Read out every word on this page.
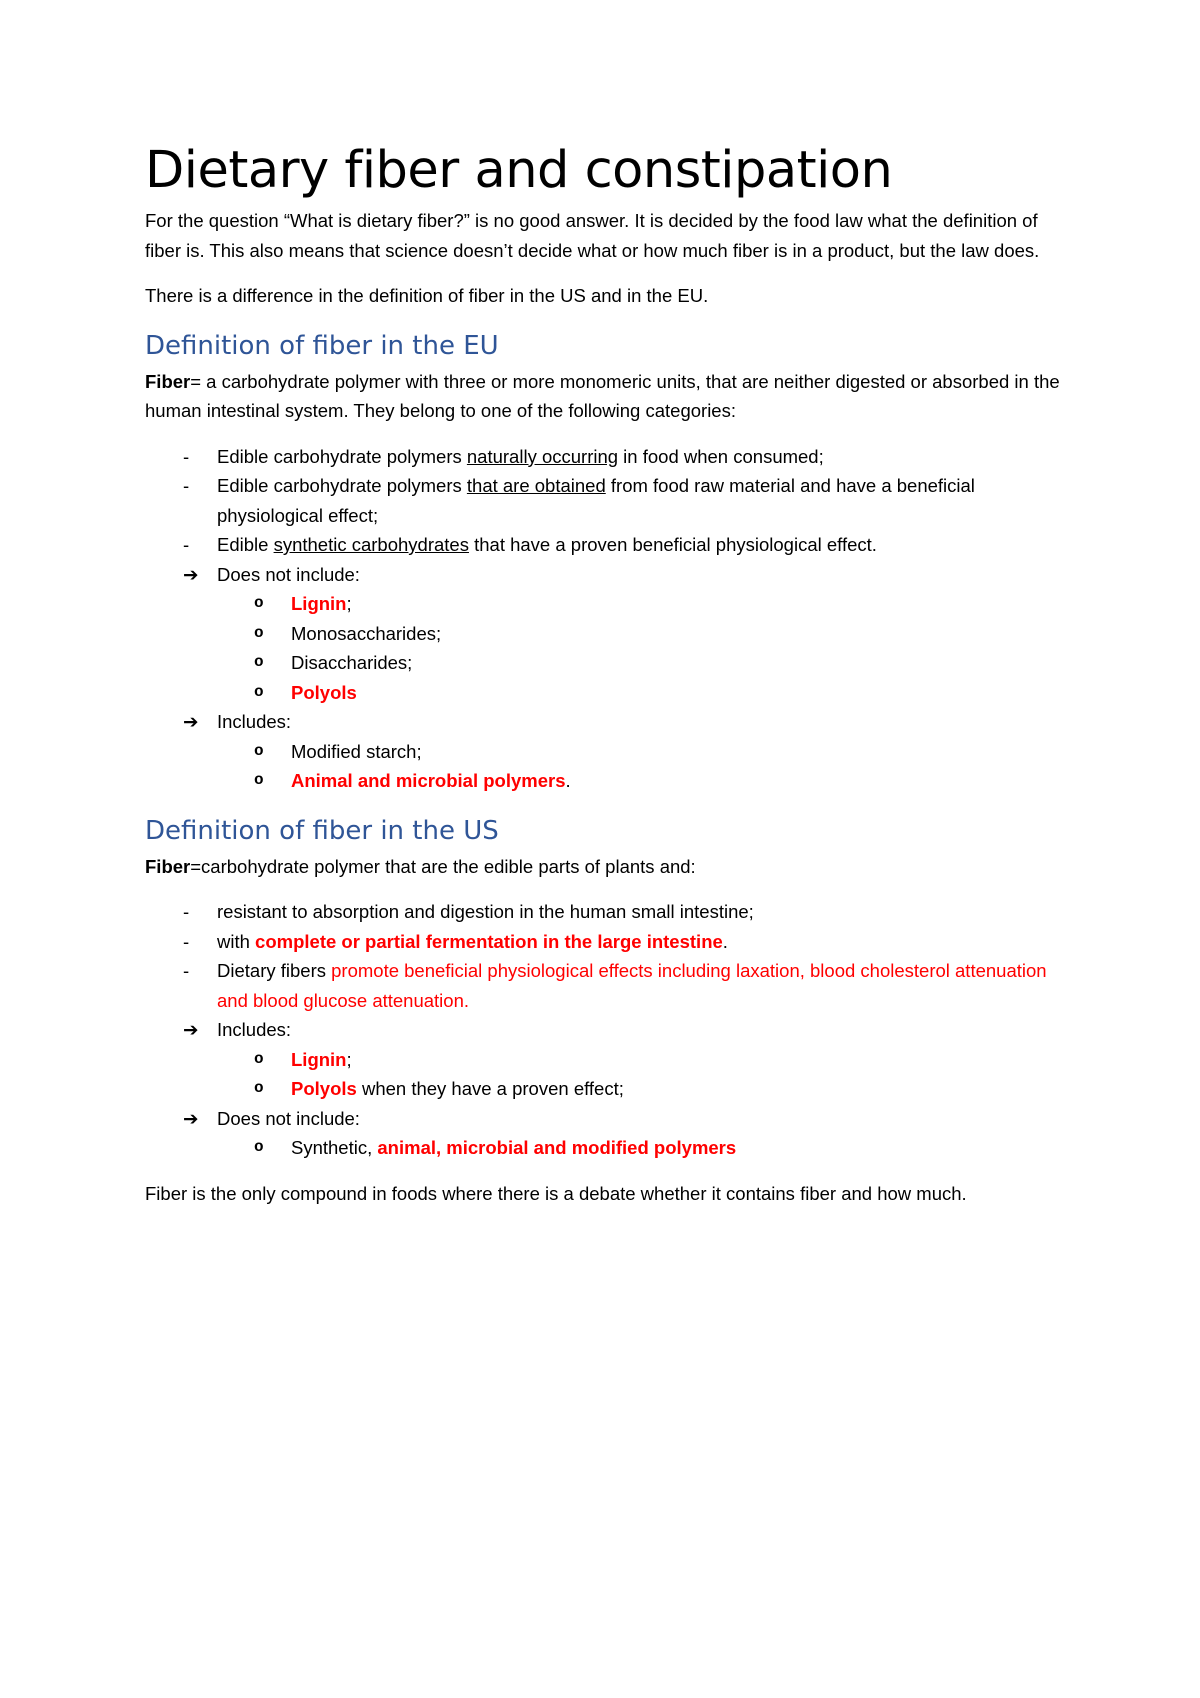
Dietary fiber and constipation

For the question “What is dietary fiber?” is no good answer. It is decided by the food law what the definition of fiber is. This also means that science doesn’t decide what or how much fiber is in a product, but the law does.

There is a difference in the definition of fiber in the US and in the EU.

Definition of fiber in the EU

Fiber= a carbohydrate polymer with three or more monomeric units, that are neither digested or absorbed in the human intestinal system. They belong to one of the following categories:

-	Edible carbohydrate polymers naturally occurring in food when consumed;
-	Edible carbohydrate polymers that are obtained from food raw material and have a beneficial physiological effect;
-	Edible synthetic carbohydrates that have a proven beneficial physiological effect.
➔ Does not include:
o	Lignin;
o	Monosaccharides;
o	Disaccharides;
o	Polyols
➔ Includes:
o	Modified starch;
o	Animal and microbial polymers.
Definition of fiber in the US

Fiber=carbohydrate polymer that are the edible parts of plants and:

-	resistant to absorption and digestion in the human small intestine;
-	with complete or partial fermentation in the large intestine.
-	Dietary fibers promote beneficial physiological effects including laxation, blood cholesterol attenuation and blood glucose attenuation.
➔ Includes:
o	Lignin;
o	Polyols when they have a proven effect;
➔ Does not include:
o	Synthetic, animal, microbial and modified polymers

Fiber is the only compound in foods where there is a debate whether it contains fiber and how much.
